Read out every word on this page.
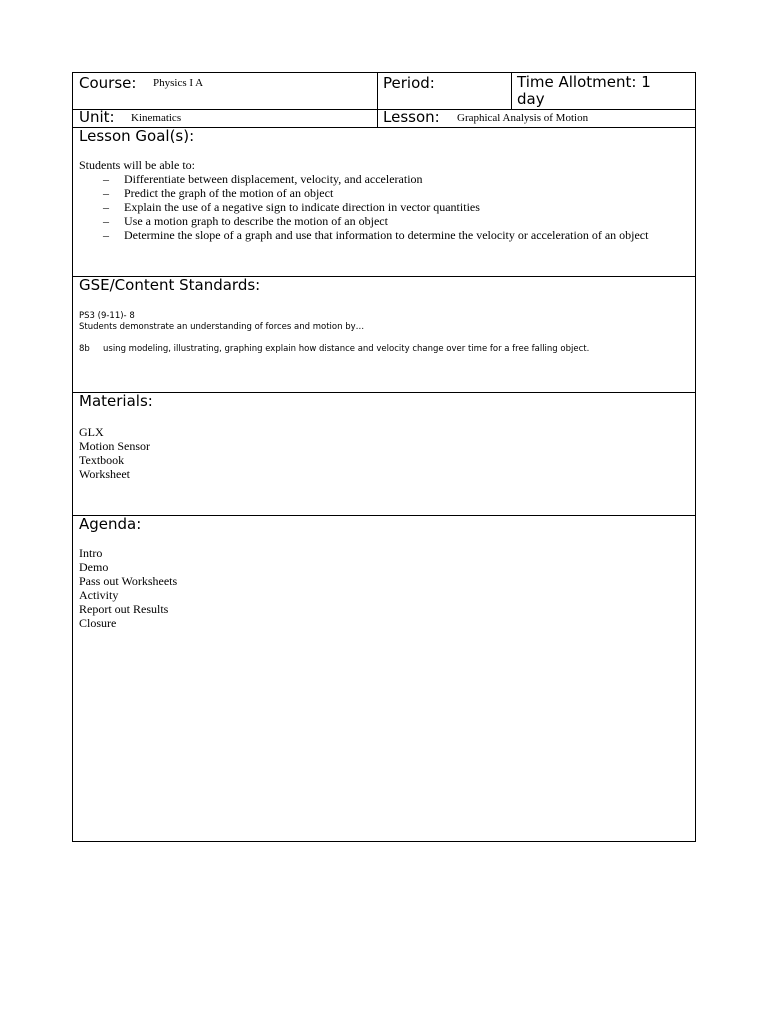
Course: Physics I A	Period:	Time Allotment: 1
day
Unit: Kinematics	Lesson: Graphical Analysis of Motion
Lesson Goal(s):
Students will be able to:
– Differentiate between displacement, velocity, and acceleration
– Predict the graph of the motion of an object
– Explain the use of a negative sign to indicate direction in vector quantities
– Use a motion graph to describe the motion of an object
– Determine the slope of a graph and use that information to determine the velocity or acceleration of an object
GSE/Content Standards:
PS3 (9-11)- 8
Students demonstrate an understanding of forces and motion by…
8b using modeling, illustrating, graphing explain how distance and velocity change over time for a free falling object.
Materials:
GLX
Motion Sensor
Textbook
Worksheet
Agenda:
Intro
Demo
Pass out Worksheets
Activity
Report out Results
Closure
